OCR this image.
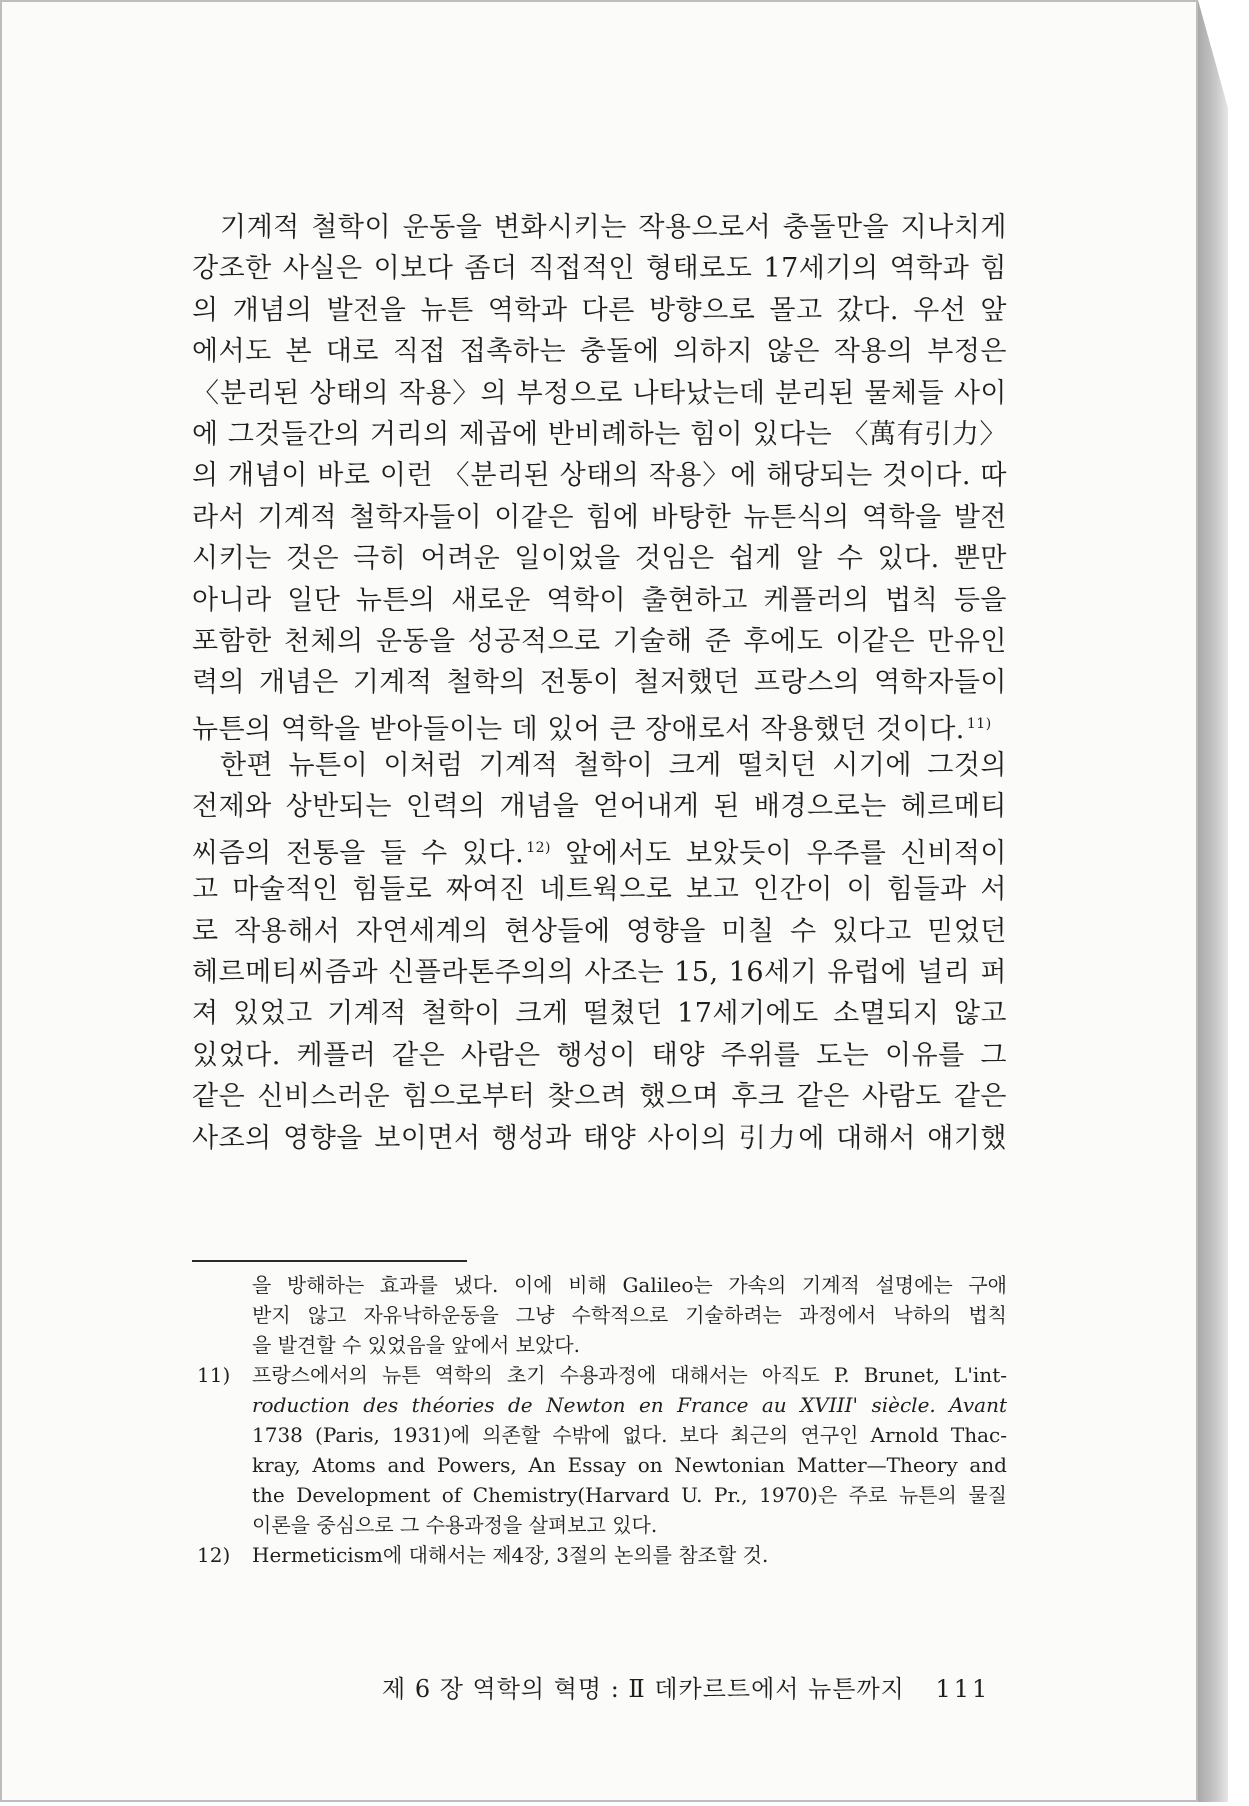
기계적 철학이 운동을 변화시키는 작용으로서 충돌만을 지나치게
강조한 사실은 이보다 좀더 직접적인 형태로도 17세기의 역학과 힘
의 개념의 발전을 뉴튼 역학과 다른 방향으로 몰고 갔다. 우선 앞
에서도 본 대로 직접 접촉하는 충돌에 의하지 않은 작용의 부정은
〈분리된 상태의 작용〉의 부정으로 나타났는데 분리된 물체들 사이
에 그것들간의 거리의 제곱에 반비례하는 힘이 있다는 〈萬有引力〉
의 개념이 바로 이런 〈분리된 상태의 작용〉에 해당되는 것이다. 따
라서 기계적 철학자들이 이같은 힘에 바탕한 뉴튼식의 역학을 발전
시키는 것은 극히 어려운 일이었을 것임은 쉽게 알 수 있다. 뿐만
아니라 일단 뉴튼의 새로운 역학이 출현하고 케플러의 법칙 등을
포함한 천체의 운동을 성공적으로 기술해 준 후에도 이같은 만유인
력의 개념은 기계적 철학의 전통이 철저했던 프랑스의 역학자들이
뉴튼의 역학을 받아들이는 데 있어 큰 장애로서 작용했던 것이다. $^{11)}$
한편 뉴튼이 이처럼 기계적 철학이 크게 떨치던 시기에 그것의
전제와 상반되는 인력의 개념을 얻어내게 된 배경으로는 헤르메티
씨즘의 전통을 들 수 있다. $^{12)}$ 앞에서도 보았듯이 우주를 신비적이
고 마술적인 힘들로 짜여진 네트웍으로 보고 인간이 이 힘들과 서
로 작용해서 자연세계의 현상들에 영향을 미칠 수 있다고 믿었던
헤르메티씨즘과 신플라톤주의의 사조는 15, 16세기 유럽에 널리 퍼
져 있었고 기계적 철학이 크게 떨쳤던 17세기에도 소멸되지 않고
있었다. 케플러 같은 사람은 행성이 태양 주위를 도는 이유를 그
같은 신비스러운 힘으로부터 찾으려 했으며 후크 같은 사람도 같은
사조의 영향을 보이면서 행성과 태양 사이의 引力에 대해서 얘기했
을 방해하는 효과를 냈다. 이에 비해 Galileo는 가속의 기계적 설명에는 구애
받지 않고 자유낙하운동을 그냥 수학적으로 기술하려는 과정에서 낙하의 법칙
을 발견할 수 있었음을 앞에서 보았다.
11) 프랑스에서의 뉴튼 역학의 초기 수용과정에 대해서는 아직도 P. Brunet, L'int-
roduction des théories de Newton en France au XVIII' siècle. Avant
1738 (Paris, 1931)에 의존할 수밖에 없다. 보다 최근의 연구인 Arnold Thac-
kray, Atoms and Powers, An Essay on Newtonian Matter—Theory and
the Development of Chemistry(Harvard U. Pr., 1970)은 주로 뉴튼의 물질
이론을 중심으로 그 수용과정을 살펴보고 있다.
12) Hermeticism에 대해서는 제4장, 3절의 논의를 참조할 것.
제 6 장 역학의 혁명 : Ⅱ 데카르트에서 뉴튼까지 111
